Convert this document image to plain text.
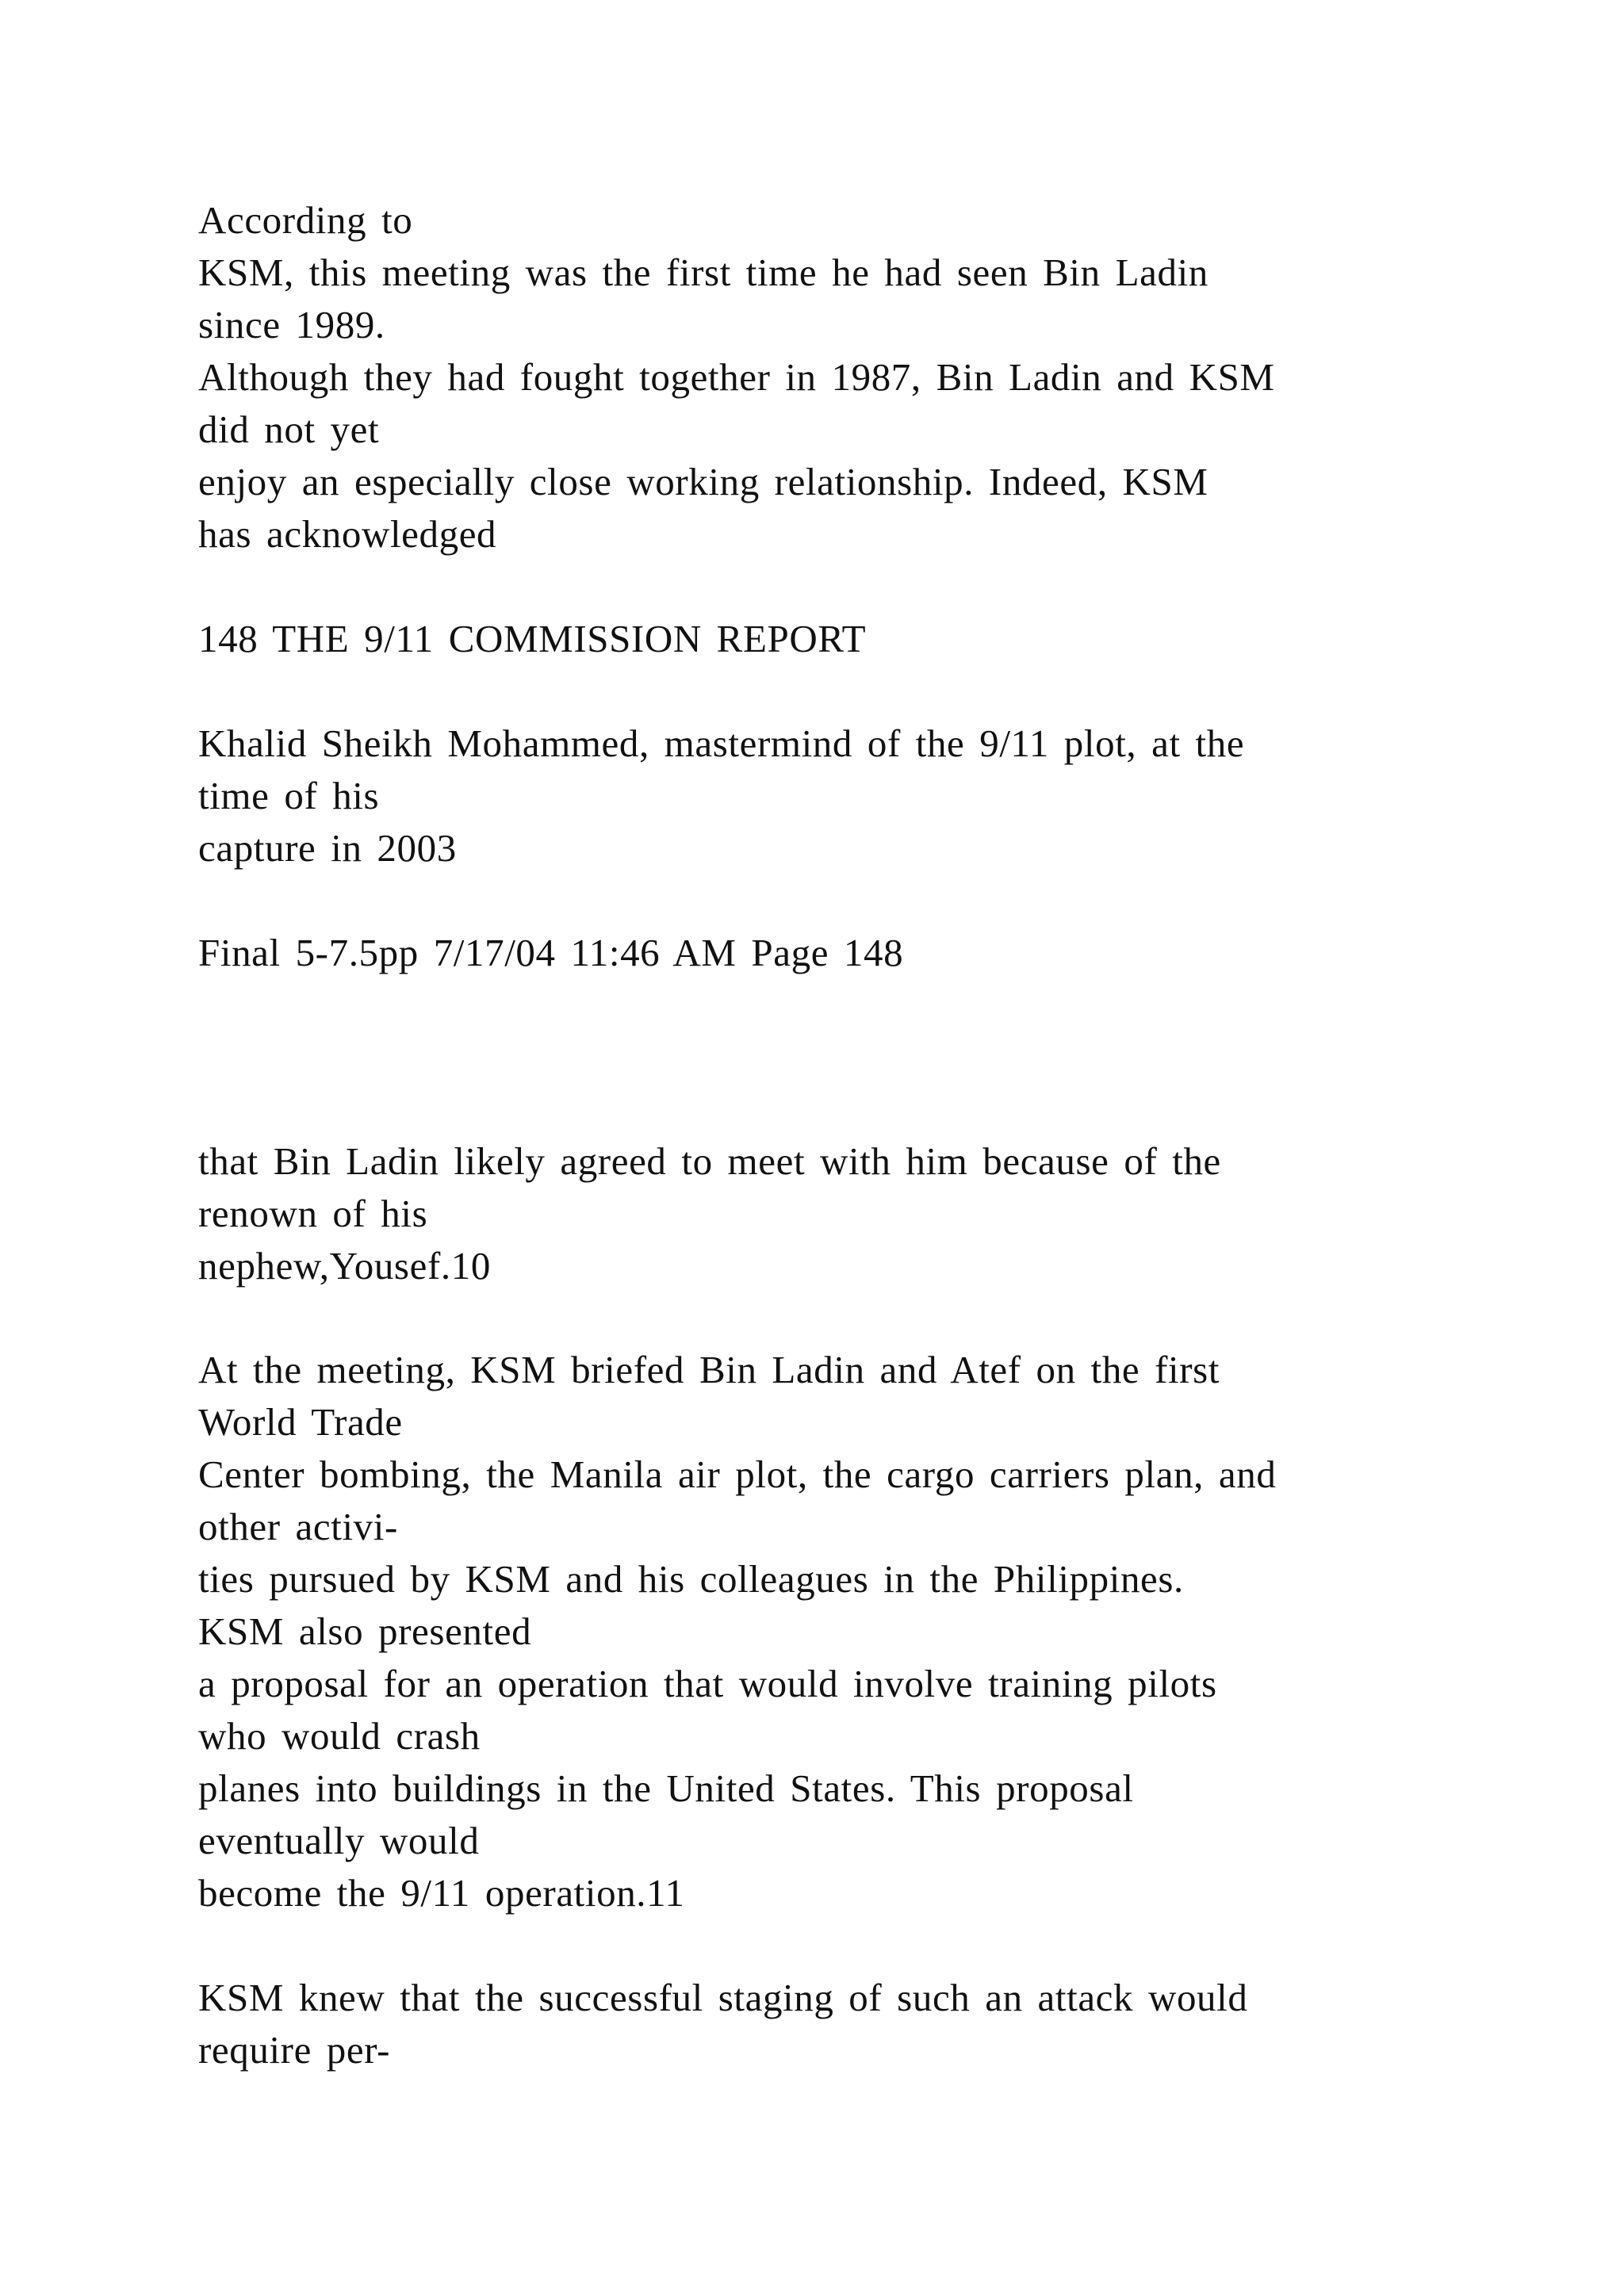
According to
KSM, this meeting was the first time he had seen Bin Ladin
since 1989.
Although they had fought together in 1987, Bin Ladin and KSM
did not yet
enjoy an especially close working relationship. Indeed, KSM
has acknowledged
148 THE 9/11 COMMISSION REPORT
Khalid Sheikh Mohammed, mastermind of the 9/11 plot, at the
time of his
capture in 2003
Final 5-7.5pp 7/17/04 11:46 AM Page 148
that Bin Ladin likely agreed to meet with him because of the
renown of his
nephew,Yousef.10
At the meeting, KSM briefed Bin Ladin and Atef on the first
World Trade
Center bombing, the Manila air plot, the cargo carriers plan, and
other activi-
ties pursued by KSM and his colleagues in the Philippines.
KSM also presented
a proposal for an operation that would involve training pilots
who would crash
planes into buildings in the United States. This proposal
eventually would
become the 9/11 operation.11
KSM knew that the successful staging of such an attack would
require per-
